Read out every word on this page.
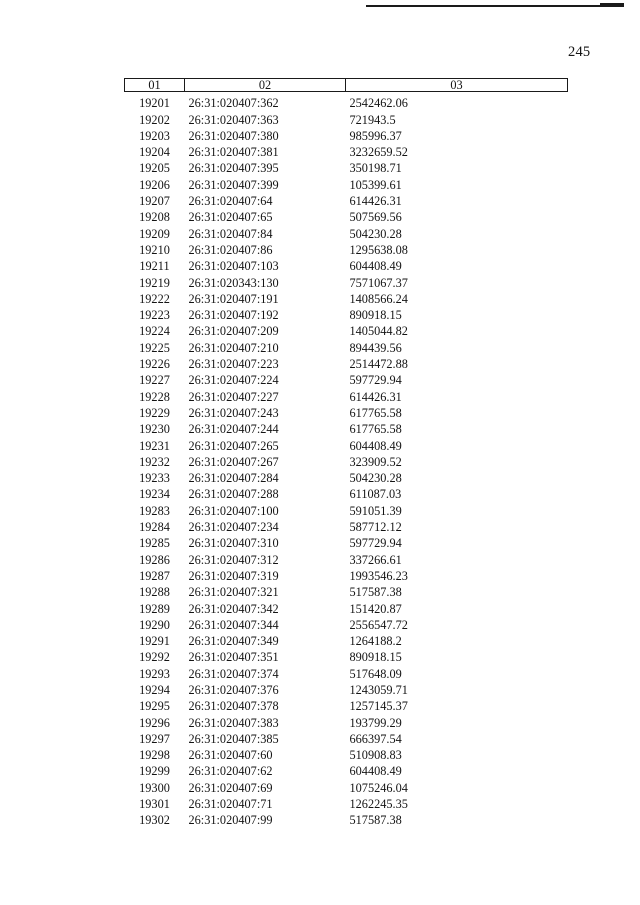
245
01	02	03
19201	26:31:020407:362	2542462.06
19202	26:31:020407:363	721943.5
19203	26:31:020407:380	985996.37
19204	26:31:020407:381	3232659.52
19205	26:31:020407:395	350198.71
19206	26:31:020407:399	105399.61
19207	26:31:020407:64	614426.31
19208	26:31:020407:65	507569.56
19209	26:31:020407:84	504230.28
19210	26:31:020407:86	1295638.08
19211	26:31:020407:103	604408.49
19219	26:31:020343:130	7571067.37
19222	26:31:020407:191	1408566.24
19223	26:31:020407:192	890918.15
19224	26:31:020407:209	1405044.82
19225	26:31:020407:210	894439.56
19226	26:31:020407:223	2514472.88
19227	26:31:020407:224	597729.94
19228	26:31:020407:227	614426.31
19229	26:31:020407:243	617765.58
19230	26:31:020407:244	617765.58
19231	26:31:020407:265	604408.49
19232	26:31:020407:267	323909.52
19233	26:31:020407:284	504230.28
19234	26:31:020407:288	611087.03
19283	26:31:020407:100	591051.39
19284	26:31:020407:234	587712.12
19285	26:31:020407:310	597729.94
19286	26:31:020407:312	337266.61
19287	26:31:020407:319	1993546.23
19288	26:31:020407:321	517587.38
19289	26:31:020407:342	151420.87
19290	26:31:020407:344	2556547.72
19291	26:31:020407:349	1264188.2
19292	26:31:020407:351	890918.15
19293	26:31:020407:374	517648.09
19294	26:31:020407:376	1243059.71
19295	26:31:020407:378	1257145.37
19296	26:31:020407:383	193799.29
19297	26:31:020407:385	666397.54
19298	26:31:020407:60	510908.83
19299	26:31:020407:62	604408.49
19300	26:31:020407:69	1075246.04
19301	26:31:020407:71	1262245.35
19302	26:31:020407:99	517587.38
